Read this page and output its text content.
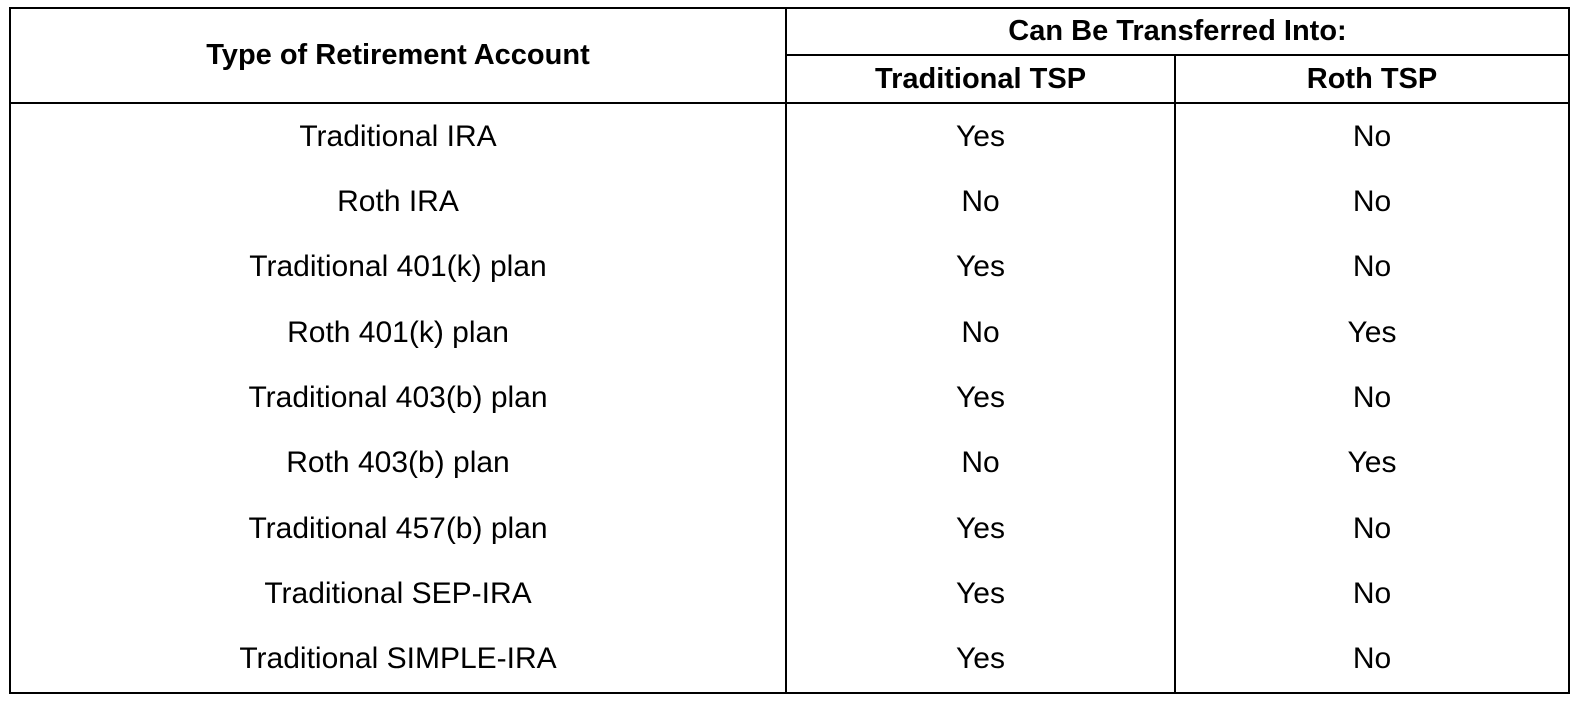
Type of Retirement Account	Can Be Transferred Into:	
	Traditional TSP	Roth TSP
Traditional IRA	Yes	No
Roth IRA	No	No
Traditional 401(k) plan	Yes	No
Roth 401(k) plan	No	Yes
Traditional 403(b) plan	Yes	No
Roth 403(b) plan	No	Yes
Traditional 457(b) plan	Yes	No
Traditional SEP-IRA	Yes	No
Traditional SIMPLE-IRA	Yes	No
